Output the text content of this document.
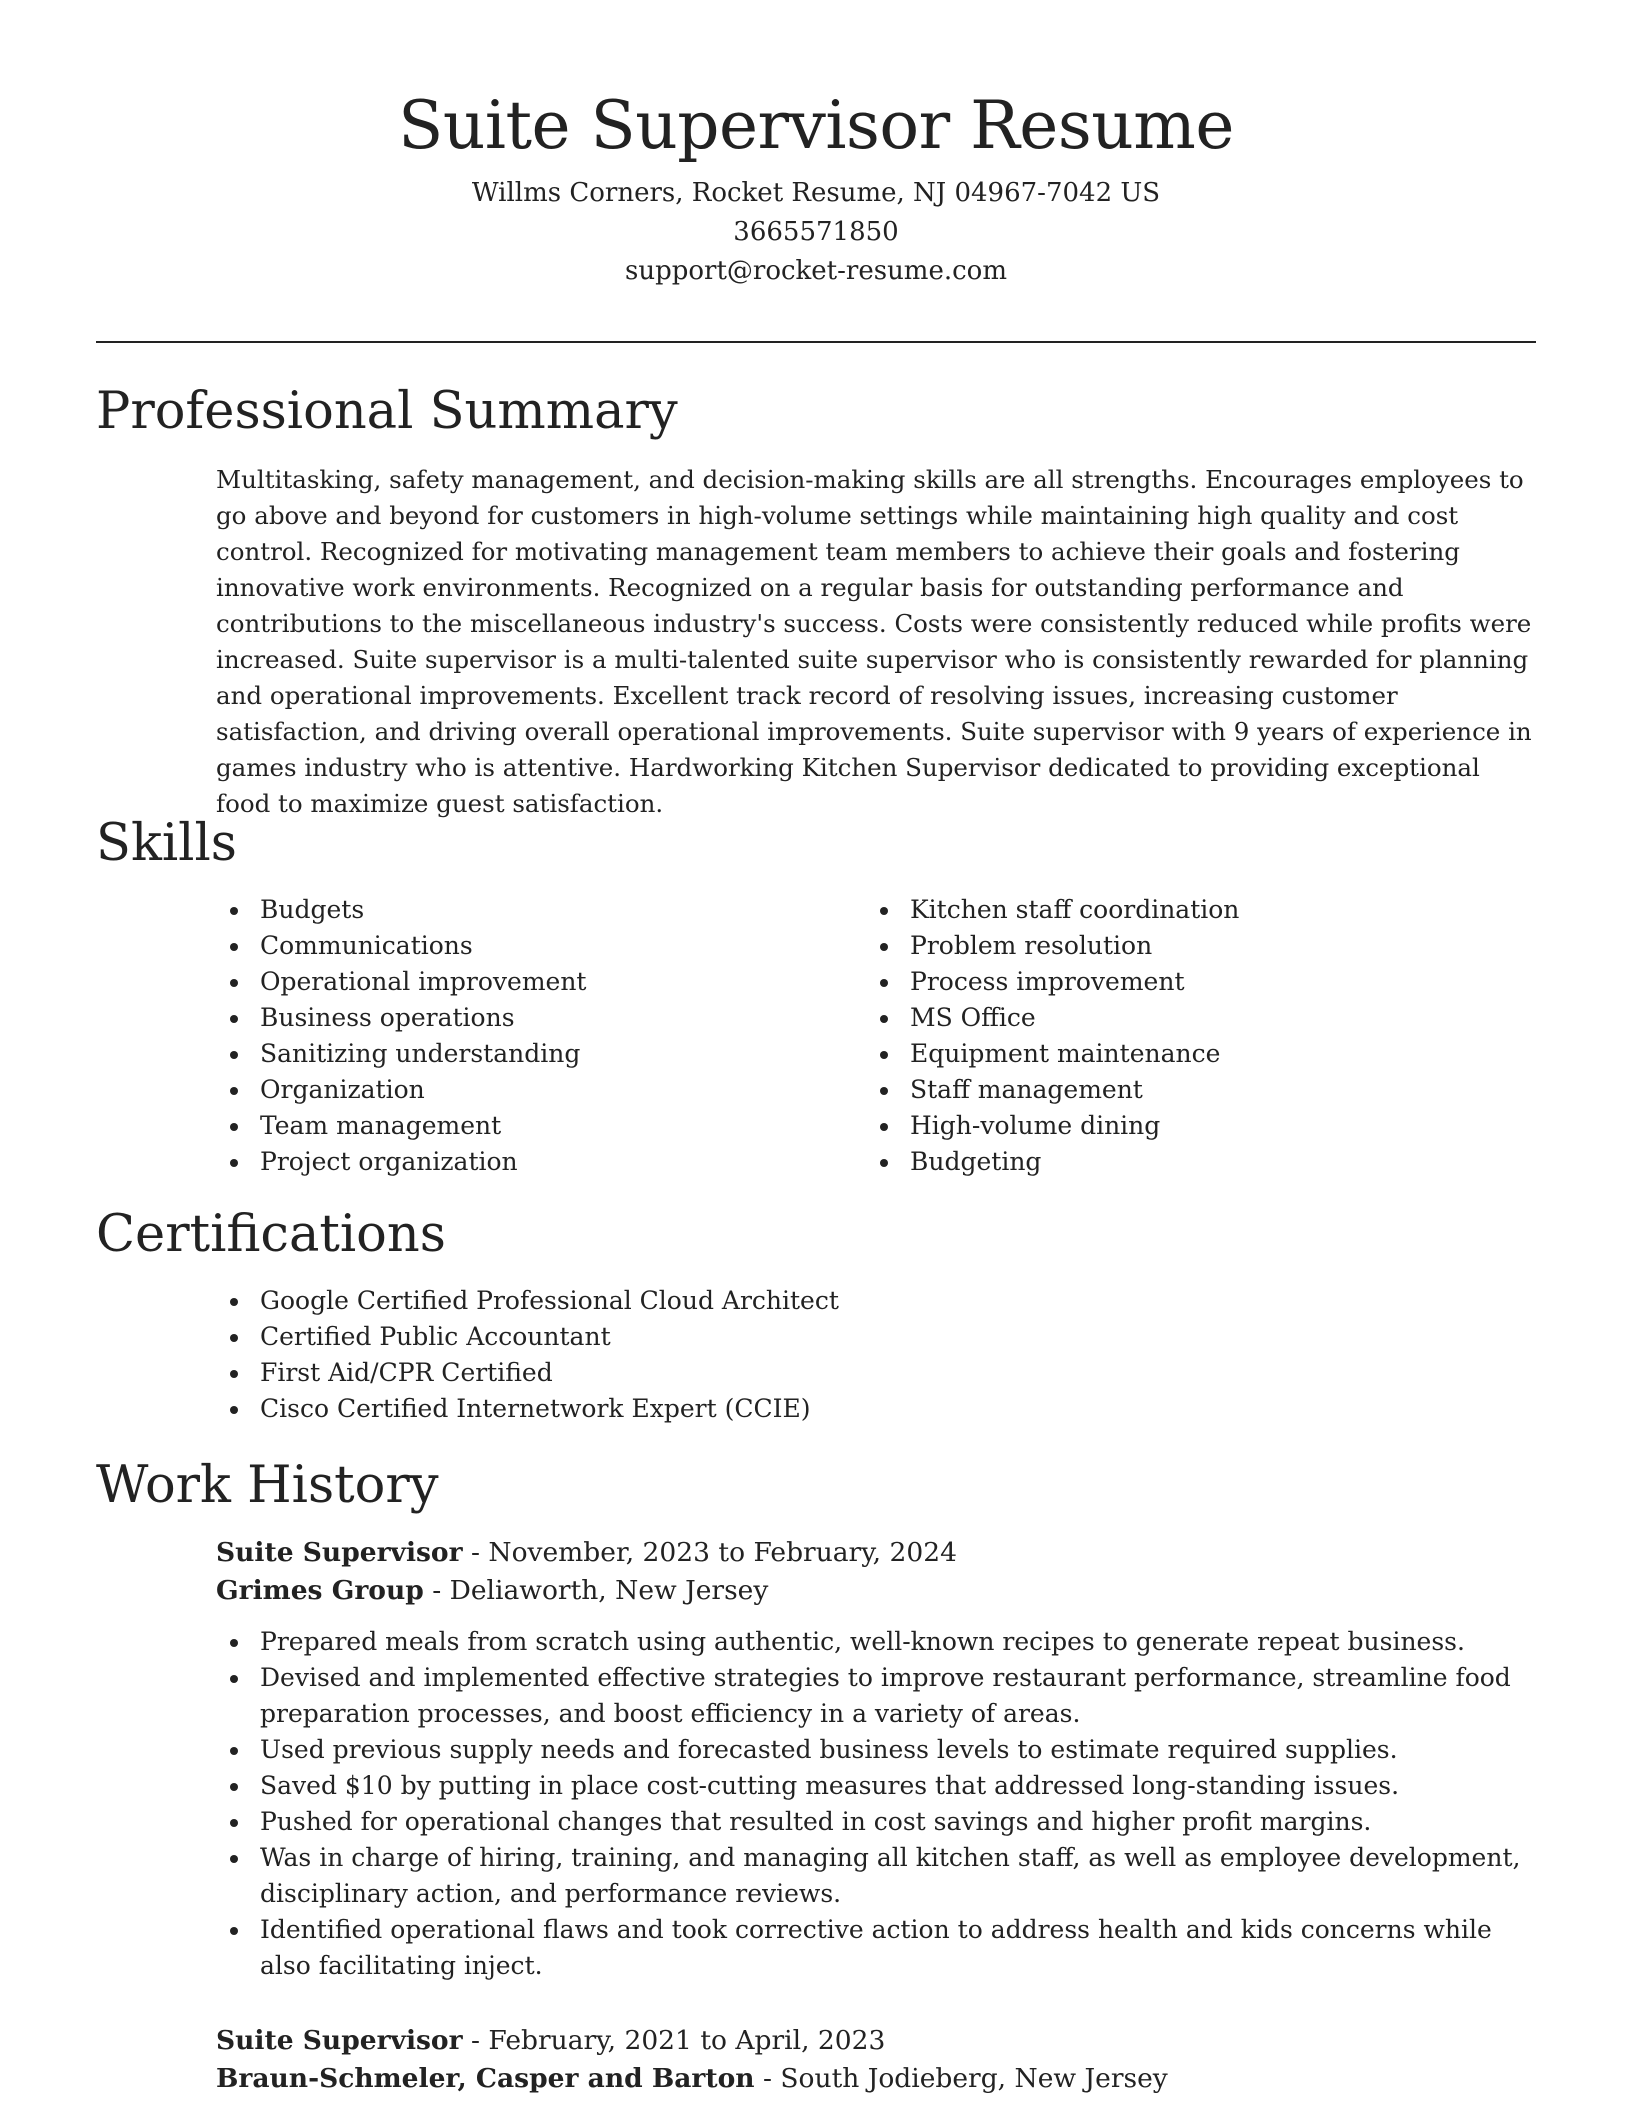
Suite Supervisor Resume
Willms Corners, Rocket Resume, NJ 04967-7042 US
3665571850
support@rocket-resume.com
Professional Summary

Multitasking, safety management, and decision-making skills are all strengths. Encourages employees to go above and beyond for customers in high-volume settings while maintaining high quality and cost control. Recognized for motivating management team members to achieve their goals and fostering innovative work environments. Recognized on a regular basis for outstanding performance and contributions to the miscellaneous industry's success. Costs were consistently reduced while profits were increased. Suite supervisor is a multi-talented suite supervisor who is consistently rewarded for planning and operational improvements. Excellent track record of resolving issues, increasing customer satisfaction, and driving overall operational improvements. Suite supervisor with 9 years of experience in games industry who is attentive. Hardworking Kitchen Supervisor dedicated to providing exceptional food to maximize guest satisfaction.

Skills
Budgets
Communications
Operational improvement
Business operations
Sanitizing understanding
Organization
Team management
Project organization
Kitchen staff coordination
Problem resolution
Process improvement
MS Office
Equipment maintenance
Staff management
High-volume dining
Budgeting
Certifications
Google Certified Professional Cloud Architect
Certified Public Accountant
First Aid/CPR Certified
Cisco Certified Internetwork Expert (CCIE)
Work History
Suite Supervisor - November, 2023 to February, 2024
Grimes Group - Deliaworth, New Jersey
Prepared meals from scratch using authentic, well-known recipes to generate repeat business.
Devised and implemented effective strategies to improve restaurant performance, streamline food preparation processes, and boost efficiency in a variety of areas.
Used previous supply needs and forecasted business levels to estimate required supplies.
Saved $10 by putting in place cost-cutting measures that addressed long-standing issues.
Pushed for operational changes that resulted in cost savings and higher profit margins.
Was in charge of hiring, training, and managing all kitchen staff, as well as employee development, disciplinary action, and performance reviews.
Identified operational flaws and took corrective action to address health and kids concerns while also facilitating inject.
Suite Supervisor - February, 2021 to April, 2023
Braun-Schmeler, Casper and Barton - South Jodieberg, New Jersey
